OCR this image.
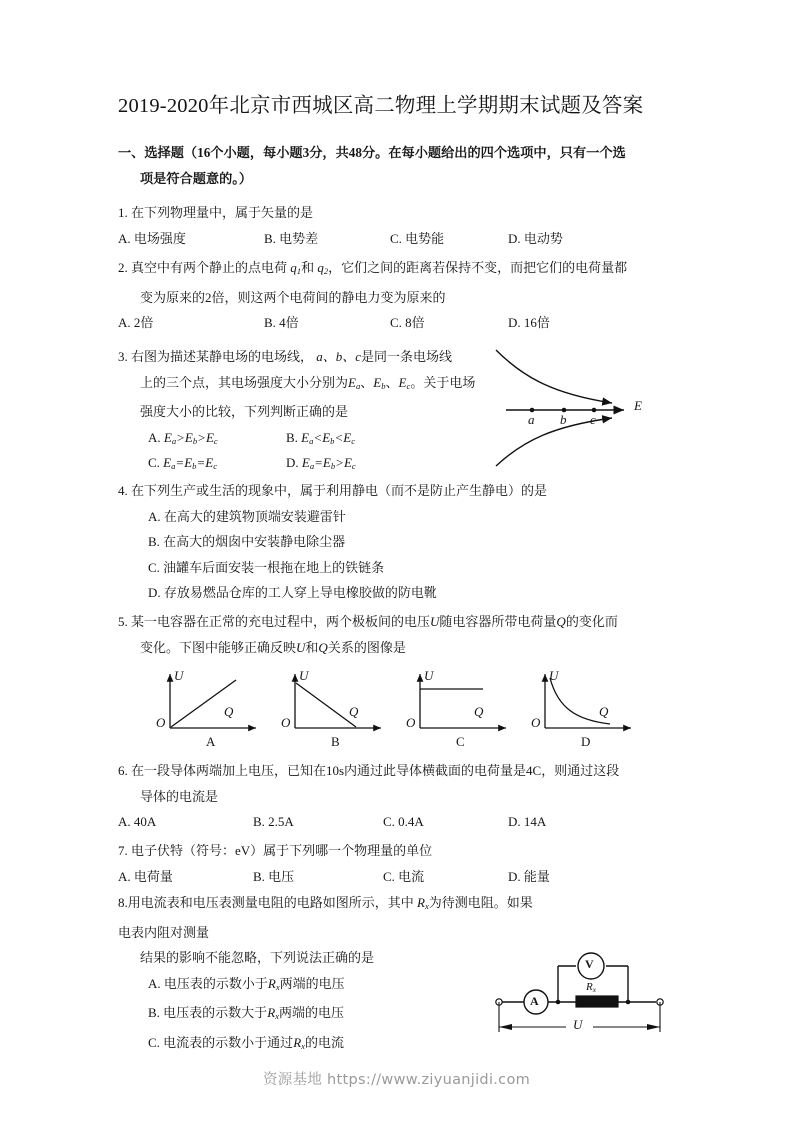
2019-2020年北京市西城区高二物理上学期期末试题及答案
一、选择题（16个小题，每小题3分，共48分。在每小题给出的四个选项中，只有一个选
项是符合题意的。）
1. 在下列物理量中，属于矢量的是
A. 电场强度	B. 电势差	C. 电势能	D. 电动势
2. 真空中有两个静止的点电荷 $q_1$和 $q_2$，它们之间的距离若保持不变，而把它们的电荷量都
变为原来的2倍，则这两个电荷间的静电力变为原来的
A. 2倍	B. 4倍	C. 8倍	D. 16倍
3. 右图为描述某静电场的电场线， a、b、c是同一条电场线
上的三个点，其电场强度大小分别为$E_a$、$E_b$、$E_c$。关于电场
强度大小的比较，下列判断正确的是
A. $E_a>E_b>E_c$	B. $E_a<E_b<E_c$
C. $E_a=E_b=E_c$	D. $E_a=E_b>E_c$
a b c
E
4. 在下列生产或生活的现象中，属于利用静电（而不是防止产生静电）的是
A. 在高大的建筑物顶端安装避雷针
B. 在高大的烟囱中安装静电除尘器
C. 油罐车后面安装一根拖在地上的铁链条
D. 存放易燃品仓库的工人穿上导电橡胶做的防电靴
5. 某一电容器在正常的充电过程中，两个极板间的电压U随电容器所带电荷量Q的变化而
变化。下图中能够正确反映U和Q关系的图像是
U
Q
O
A
U
Q
O
B
U
Q
O
C
U
Q
O
D
6. 在一段导体两端加上电压，已知在10s内通过此导体横截面的电荷量是4C，则通过这段
导体的电流是
A. 40A	B. 2.5A	C. 0.4A	D. 14A
7. 电子伏特（符号：eV）属于下列哪一个物理量的单位
A. 电荷量	B. 电压	C. 电流	D. 能量
8.用电流表和电压表测量电阻的电路如图所示，其中 $R_x$为待测电阻。如果电表内阻对测量
结果的影响不能忽略，下列说法正确的是
A. 电压表的示数小于$R_x$两端的电压
B. 电压表的示数大于$R_x$两端的电压
C. 电流表的示数小于通过$R_x$的电流
A
V
$R_x$
U
资源基地 https://www.ziyuanjidi.com
